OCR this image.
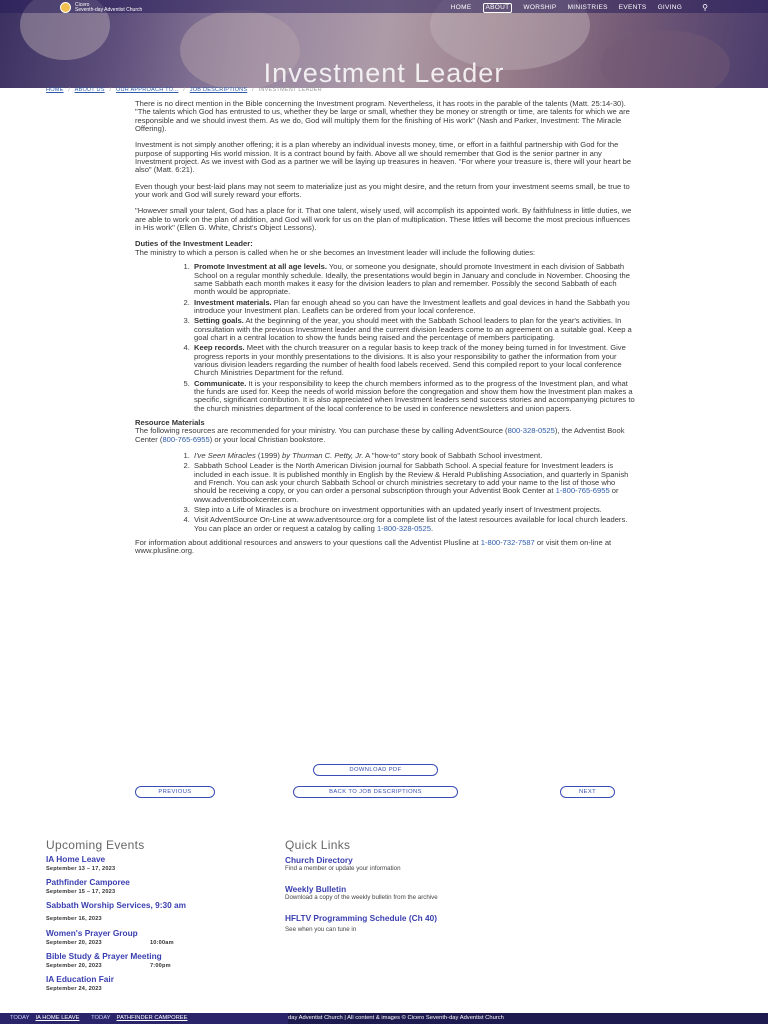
Investment Leader
Cicero
Seventh-day Adventist Church	HOME	ABOUT	WORSHIP MINISTRIES EVENTS GIVING	⚲
HOME / ABOUT US / OUR APPROACH TO... / JOB DESCRIPTIONS / INVESTMENT LEADER

There is no direct mention in the Bible concerning the Investment program. Nevertheless, it has roots in the parable of the talents (Matt. 25:14-30). "The talents which God has entrusted to us, whether they be large or small, whether they be money or strength or time, are talents for which we are responsible and we should invest them. As we do, God will multiply them for the finishing of His work" (Nash and Parker, Investment: The Miracle Offering).

Investment is not simply another offering; it is a plan whereby an individual invests money, time, or effort in a faithful partnership with God for the purpose of supporting His world mission. It is a contract bound by faith. Above all we should remember that God is the senior partner in any Investment project. As we invest with God as a partner we will be laying up treasures in heaven. "For where your treasure is, there will your heart be also" (Matt. 6:21).

Even though your best-laid plans may not seem to materialize just as you might desire, and the return from your investment seems small, be true to your work and God will surely reward your efforts.

"However small your talent, God has a place for it. That one talent, wisely used, will accomplish its appointed work. By faithfulness in little duties, we are able to work on the plan of addition, and God will work for us on the plan of multiplication. These littles will become the most precious influences in His work" (Ellen G. White, Christ's Object Lessons).

Duties of the Investment Leader:
The ministry to which a person is called when he or she becomes an Investment leader will include the following duties:
1. Promote Investment at all age levels. You, or someone you designate, should promote Investment in each division of Sabbath School on a regular monthly schedule. Ideally, the presentations would begin in January and conclude in November. Choosing the same Sabbath each month makes it easy for the division leaders to plan and remember. Possibly the second Sabbath of each month would be appropriate.
2. Investment materials. Plan far enough ahead so you can have the Investment leaflets and goal devices in hand the Sabbath you introduce your Investment plan. Leaflets can be ordered from your local conference.
3. Setting goals. At the beginning of the year, you should meet with the Sabbath School leaders to plan for the year's activities. In consultation with the previous Investment leader and the current division leaders come to an agreement on a suitable goal. Keep a goal chart in a central location to show the funds being raised and the percentage of members participating.
4. Keep records. Meet with the church treasurer on a regular basis to keep track of the money being turned in for Investment. Give progress reports in your monthly presentations to the divisions. It is also your responsibility to gather the information from your various division leaders regarding the number of health food labels received. Send this compiled report to your local conference Church Ministries Department for the refund.
5. Communicate. It is your responsibility to keep the church members informed as to the progress of the Investment plan, and what the funds are used for. Keep the needs of world mission before the congregation and show them how the Investment plan makes a specific, significant contribution. It is also appreciated when Investment leaders send success stories and accompanying pictures to the church ministries department of the local conference to be used in conference newsletters and union papers.
Resource Materials

The following resources are recommended for your ministry. You can purchase these by calling AdventSource (800-328-0525), the Adventist Book Center (800-765-6955) or your local Christian bookstore.

1. I've Seen Miracles (1999) by Thurman C. Petty, Jr. A "how-to" story book of Sabbath School investment.
2. Sabbath School Leader is the North American Division journal for Sabbath School. A special feature for Investment leaders is included in each issue. It is published monthly in English by the Review & Herald Publishing Association, and quarterly in Spanish and French. You can ask your church Sabbath School or church ministries secretary to add your name to the list of those who should be receiving a copy, or you can order a personal subscription through your Adventist Book Center at 1-800-765-6955 or www.adventistbookcenter.com.
3. Step into a Life of Miracles is a brochure on investment opportunities with an updated yearly insert of Investment projects.
4. Visit AdventSource On-Line at www.adventsource.org for a complete list of the latest resources available for local church leaders. You can place an order or request a catalog by calling 1-800-328-0525.

For information about additional resources and answers to your questions call the Adventist Plusline at 1-800-732-7587 or visit them on-line at www.plusline.org.

DOWNLOAD PDF
PREVIOUS	BACK TO JOB DESCRIPTIONS	NEXT
Upcoming Events
IA Home Leave
September 13 – 17, 2023
Pathfinder Camporee
September 15 – 17, 2023
Sabbath Worship Services, 9:30 am
September 16, 2023
Women's Prayer Group
September 20, 2023	10:00am
Bible Study & Prayer Meeting
September 20, 2023	7:00pm
IA Education Fair
September 24, 2023
Quick Links
Church Directory
Find a member or update your information
Weekly Bulletin
Download a copy of the weekly bulletin from the archive
HFLTV Programming Schedule (Ch 40)
See when you can tune in
TODAY IA HOME LEAVE TODAY PATHFINDER CAMPOREE	day Adventist Church | All content & images © Cicero Seventh-day Adventist Church
